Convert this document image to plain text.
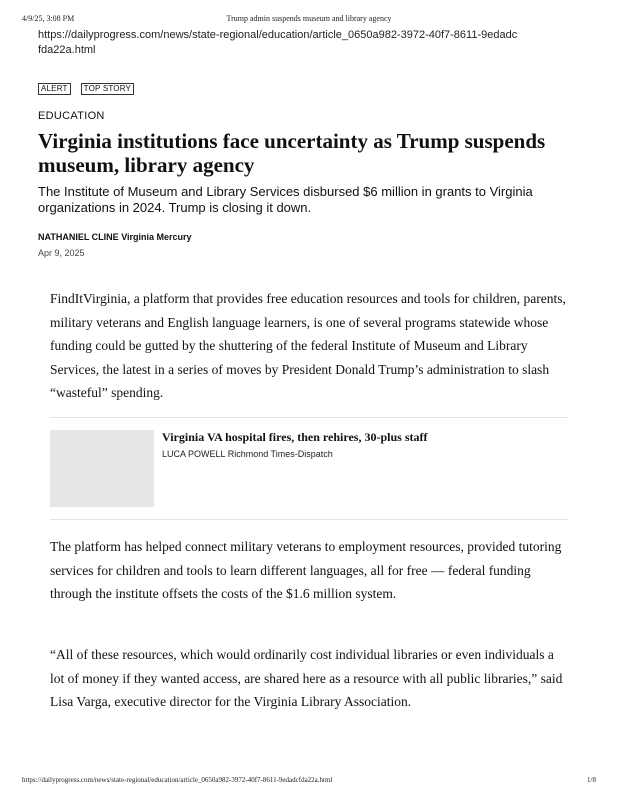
4/9/25, 3:08 PM	Trump admin suspends museum and library agency
https://dailyprogress.com/news/state-regional/education/article_0650a982-3972-40f7-8611-9edadcfda22a.html
ALERT	TOP STORY
EDUCATION
Virginia institutions face uncertainty as Trump suspends museum, library agency

The Institute of Museum and Library Services disbursed $6 million in grants to Virginia organizations in 2024. Trump is closing it down.

NATHANIEL CLINE Virginia Mercury
Apr 9, 2025

FindItVirginia, a platform that provides free education resources and tools for children, parents, military veterans and English language learners, is one of several programs statewide whose funding could be gutted by the shuttering of the federal Institute of Museum and Library Services, the latest in a series of moves by President Donald Trump’s administration to slash “wasteful” spending.

Virginia VA hospital fires, then rehires, 30-plus staff
LUCA POWELL Richmond Times-Dispatch

The platform has helped connect military veterans to employment resources, provided tutoring services for children and tools to learn different languages, all for free — federal funding through the institute offsets the costs of the $1.6 million system.

“All of these resources, which would ordinarily cost individual libraries or even individuals a lot of money if they wanted access, are shared here as a resource with all public libraries,” said Lisa Varga, executive director for the Virginia Library Association.

https://dailyprogress.com/news/state-regional/education/article_0650a982-3972-40f7-8611-9edadcfda22a.html	1/8
